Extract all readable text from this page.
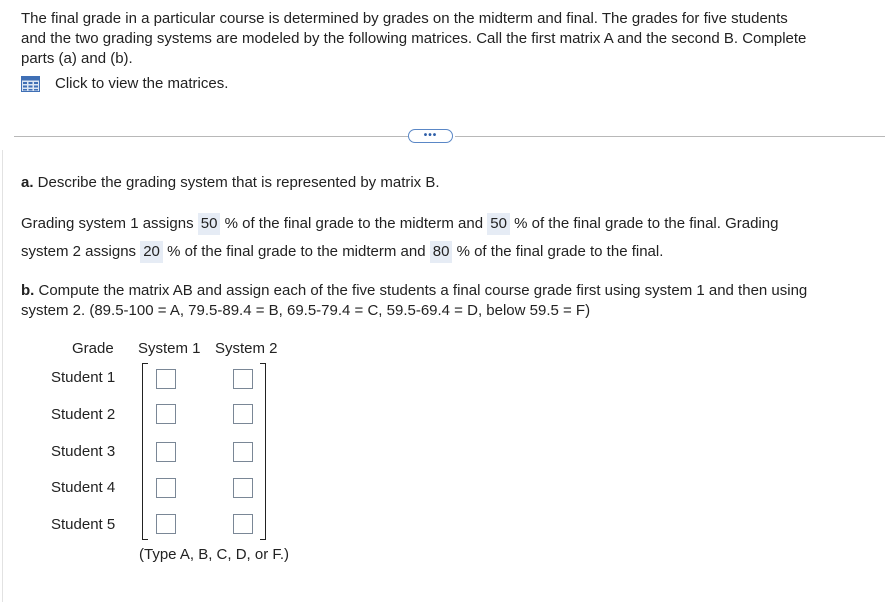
The final grade in a particular course is determined by grades on the midterm and final. The grades for five students

and the two grading systems are modeled by the following matrices. Call the first matrix A and the second B. Complete

parts (a) and (b).

Click to view the matrices.
•••
a. Describe the grading system that is represented by matrix B.
Grading system 1 assigns 50 % of the final grade to the midterm and 50 % of the final grade to the final. Grading
system 2 assigns 20 % of the final grade to the midterm and 80 % of the final grade to the final.
b. Compute the matrix AB and assign each of the five students a final course grade first using system 1 and then using
system 2. (89.5-100 = A, 79.5-89.4 = B, 69.5-79.4 = C, 59.5-69.4 = D, below 59.5 = F)
Grade System 1 System 2
Student 1
Student 2
Student 3
Student 4
Student 5
(Type A, B, C, D, or F.)
